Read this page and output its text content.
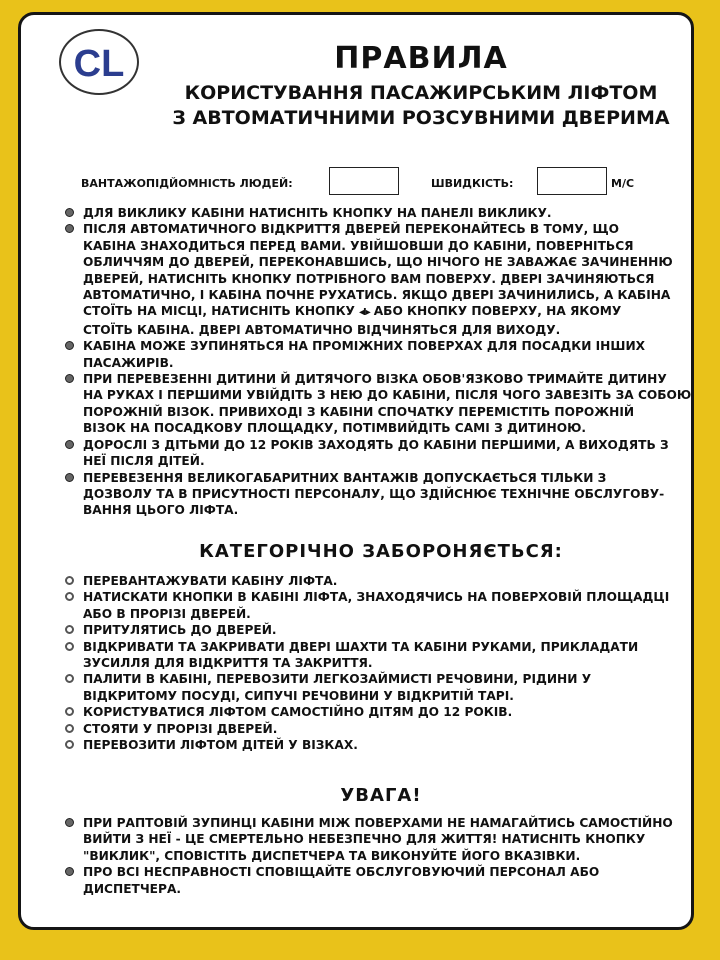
CL	ПРАВИЛА
КОРИСТУВАННЯ ПАСАЖИРСЬКИМ ЛІФТОМ
З АВТОМАТИЧНИМИ РОЗСУВНИМИ ДВЕРИМА
ВАНТАЖОПІДЙОМНІСТЬ ЛЮДЕЙ:	ШВИДКІСТЬ:	М/С
ДЛЯ ВИКЛИКУ КАБІНИ НАТИСНІТЬ КНОПКУ НА ПАНЕЛІ ВИКЛИКУ.
ПІСЛЯ АВТОМАТИЧНОГО ВІДКРИТТЯ ДВЕРЕЙ ПЕРЕКОНАЙТЕСЬ В ТОМУ, ЩО
КАБІНА ЗНАХОДИТЬСЯ ПЕРЕД ВАМИ. УВІЙШОВШИ ДО КАБІНИ, ПОВЕРНІТЬСЯ
ОБЛИЧЧЯМ ДО ДВЕРЕЙ, ПЕРЕКОНАВШИСЬ, ЩО НІЧОГО НЕ ЗАВАЖАЄ ЗАЧИНЕННЮ
ДВЕРЕЙ, НАТИСНІТЬ КНОПКУ ПОТРІБНОГО ВАМ ПОВЕРХУ. ДВЕРІ ЗАЧИНЯЮТЬСЯ
АВТОМАТИЧНО, І КАБІНА ПОЧНЕ РУХАТИСЬ. ЯКЩО ДВЕРІ ЗАЧИНИЛИСЬ, А КАБІНА
СТОЇТЬ НА МІСЦІ, НАТИСНІТЬ КНОПКУ ◂I▸ АБО КНОПКУ ПОВЕРХУ, НА ЯКОМУ
СТОЇТЬ КАБІНА. ДВЕРІ АВТОМАТИЧНО ВІДЧИНЯТЬСЯ ДЛЯ ВИХОДУ.
КАБІНА МОЖЕ ЗУПИНЯТЬСЯ НА ПРОМІЖНИХ ПОВЕРХАХ ДЛЯ ПОСАДКИ ІНШИХ
ПАСАЖИРІВ.
ПРИ ПЕРЕВЕЗЕННІ ДИТИНИ Й ДИТЯЧОГО ВІЗКА ОБОВ'ЯЗКОВО ТРИМАЙТЕ ДИТИНУ
НА РУКАХ І ПЕРШИМИ УВІЙДІТЬ З НЕЮ ДО КАБІНИ, ПІСЛЯ ЧОГО ЗАВЕЗІТЬ ЗА СОБОЮ
ПОРОЖНІЙ ВІЗОК. ПРИВИХОДІ З КАБІНИ СПОЧАТКУ ПЕРЕМІСТІТЬ ПОРОЖНІЙ
ВІЗОК НА ПОСАДКОВУ ПЛОЩАДКУ, ПОТІМВИЙДІТЬ САМІ З ДИТИНОЮ.
ДОРОСЛІ З ДІТЬМИ ДО 12 РОКІВ ЗАХОДЯТЬ ДО КАБІНИ ПЕРШИМИ, А ВИХОДЯТЬ З
НЕЇ ПІСЛЯ ДІТЕЙ.
ПЕРЕВЕЗЕННЯ ВЕЛИКОГАБАРИТНИХ ВАНТАЖІВ ДОПУСКАЄТЬСЯ ТІЛЬКИ З
ДОЗВОЛУ ТА В ПРИСУТНОСТІ ПЕРСОНАЛУ, ЩО ЗДІЙСНЮЄ ТЕХНІЧНЕ ОБСЛУГОВУ-
ВАННЯ ЦЬОГО ЛІФТА.
КАТЕГОРІЧНО ЗАБОРОНЯЄТЬСЯ:
ПЕРЕВАНТАЖУВАТИ КАБІНУ ЛІФТА.
НАТИСКАТИ КНОПКИ В КАБІНІ ЛІФТА, ЗНАХОДЯЧИСЬ НА ПОВЕРХОВІЙ ПЛОЩАДЦІ
АБО В ПРОРІЗІ ДВЕРЕЙ.
ПРИТУЛЯТИСЬ ДО ДВЕРЕЙ.
ВІДКРИВАТИ ТА ЗАКРИВАТИ ДВЕРІ ШАХТИ ТА КАБІНИ РУКАМИ, ПРИКЛАДАТИ
ЗУСИЛЛЯ ДЛЯ ВІДКРИТТЯ ТА ЗАКРИТТЯ.
ПАЛИТИ В КАБІНІ, ПЕРЕВОЗИТИ ЛЕГКОЗАЙМИСТІ РЕЧОВИНИ, РІДИНИ У
ВІДКРИТОМУ ПОСУДІ, СИПУЧІ РЕЧОВИНИ У ВІДКРИТІЙ ТАРІ.
КОРИСТУВАТИСЯ ЛІФТОМ САМОСТІЙНО ДІТЯМ ДО 12 РОКІВ.
СТОЯТИ У ПРОРІЗІ ДВЕРЕЙ.
ПЕРЕВОЗИТИ ЛІФТОМ ДІТЕЙ У ВІЗКАХ.
УВАГА!
ПРИ РАПТОВІЙ ЗУПИНЦІ КАБІНИ МІЖ ПОВЕРХАМИ НЕ НАМАГАЙТИСЬ САМОСТІЙНО
ВИЙТИ З НЕЇ - ЦЕ СМЕРТЕЛЬНО НЕБЕЗПЕЧНО ДЛЯ ЖИТТЯ! НАТИСНІТЬ КНОПКУ
"ВИКЛИК", СПОВІСТІТЬ ДИСПЕТЧЕРА ТА ВИКОНУЙТЕ ЙОГО ВКАЗІВКИ.
ПРО ВСІ НЕСПРАВНОСТІ СПОВІЩАЙТЕ ОБСЛУГОВУЮЧИЙ ПЕРСОНАЛ АБО
ДИСПЕТЧЕРА.
